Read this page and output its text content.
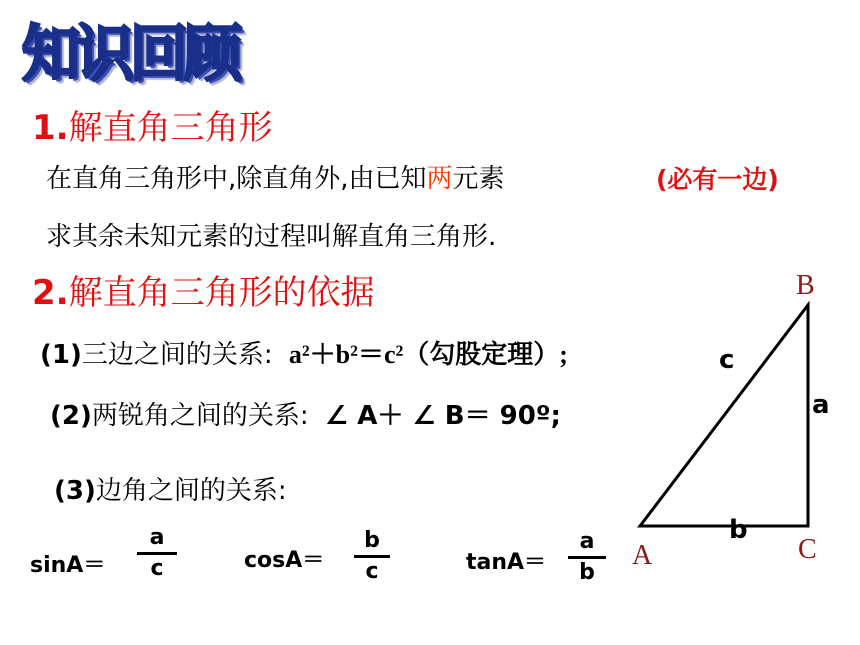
知识回顾
1.解直角三角形
在直角三角形中,除直角外,由已知两元素	(必有一边)
求其余未知元素的过程叫解直角三角形.
2.解直角三角形的依据
(1)三边之间的关系: a²＋b²＝c²（勾股定理）;
(2)两锐角之间的关系: ∠ A＋ ∠ B＝ 90º;
(3)边角之间的关系:
sinA＝
a
c	cosA＝
b
c	tanA＝
a
b
B
A	C
c
a
b
